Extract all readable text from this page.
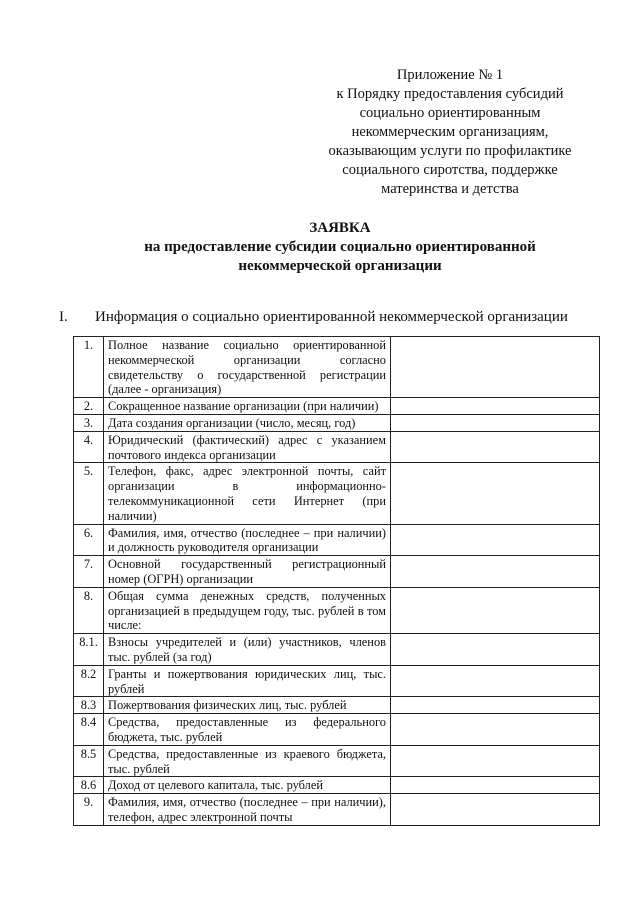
Приложение № 1
к Порядку предоставления субсидий
социально ориентированным
некоммерческим организациям,
оказывающим услуги по профилактике
социального сиротства, поддержке
материнства и детства
ЗАЯВКА
на предоставление субсидии социально ориентированной
некоммерческой организации
I. Информация о социально ориентированной некоммерческой организации
1.	Полное название социально ориентированной некоммерческой организации согласно свидетельству о государственной регистрации (далее - организация)	
2.	Сокращенное название организации (при наличии)	
3.	Дата создания организации (число, месяц, год)	
4.	Юридический (фактический) адрес с указанием почтового индекса организации	
5.	Телефон, факс, адрес электронной почты, сайт организации в информационно-телекоммуникационной сети Интернет (при наличии)	
6.	Фамилия, имя, отчество (последнее – при наличии) и должность руководителя организации	
7.	Основной государственный регистрационный номер (ОГРН) организации	
8.	Общая сумма денежных средств, полученных организацией в предыдущем году, тыс. рублей в том числе:	
8.1.	Взносы учредителей и (или) участников, членов тыс. рублей (за год)	
8.2	Гранты и пожертвования юридических лиц, тыс. рублей	
8.3	Пожертвования физических лиц, тыс. рублей	
8.4	Средства, предоставленные из федерального бюджета, тыс. рублей	
8.5	Средства, предоставленные из краевого бюджета, тыс. рублей	
8.6	Доход от целевого капитала, тыс. рублей	
9.	Фамилия, имя, отчество (последнее – при наличии), телефон, адрес электронной почты	
